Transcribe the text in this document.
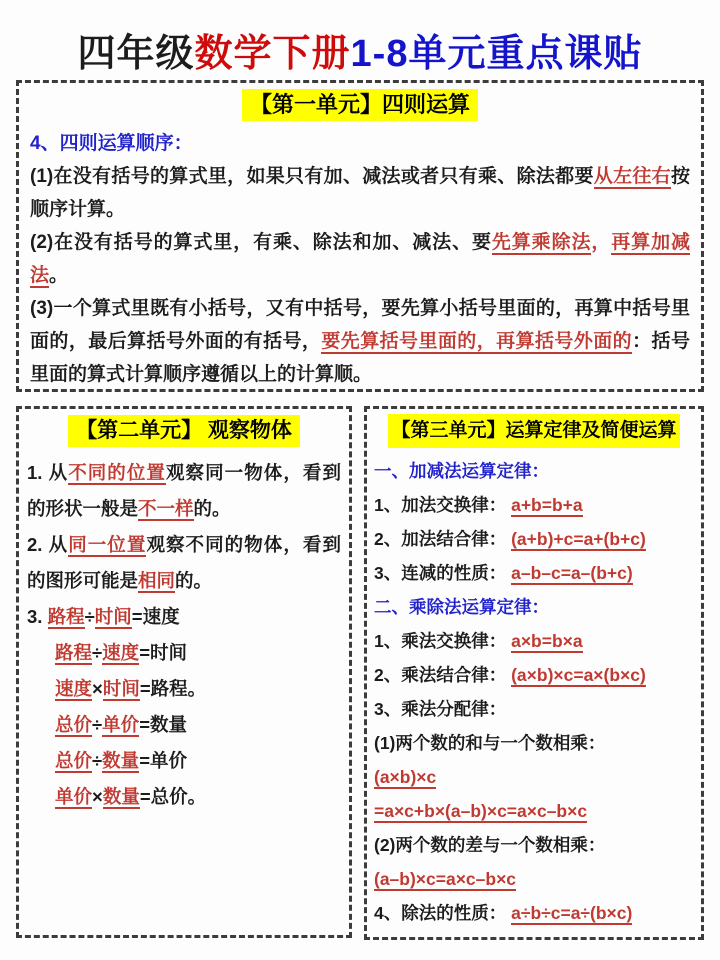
四年级数学下册1-8单元重点课贴

【第一单元】四则运算

4、四则运算顺序：

(1)在没有括号的算式里，如果只有加、减法或者只有乘、除法都要从左往右按顺序计算。

(2)在没有括号的算式里，有乘、除法和加、减法、要先算乘除法，再算加减法。

(3)一个算式里既有小括号，又有中括号，要先算小括号里面的，再算中括号里面的，最后算括号外面的有括号，要先算括号里面的，再算括号外面的：括号里面的算式计算顺序遵循以上的计算顺。

【第二单元】 观察物体

1. 从不同的位置观察同一物体，看到的形状一般是不一样的。

2. 从同一位置观察不同的物体，看到的图形可能是相同的。

3. 路程÷时间=速度

路程÷速度=时间

速度×时间=路程。

总价÷单价=数量

总价÷数量=单价

单价×数量=总价。

【第三单元】运算定律及简便运算

一、加减法运算定律：

1、加法交换律： a+b=b+a

2、加法结合律： (a+b)+c=a+(b+c)

3、连减的性质： a–b–c=a–(b+c)

二、乘除法运算定律：

1、乘法交换律： a×b=b×a

2、乘法结合律： (a×b)×c=a×(b×c)

3、乘法分配律：

(1)两个数的和与一个数相乘：

(a×b)×c

=a×c+b×(a–b)×c=a×c–b×c

(2)两个数的差与一个数相乘：

(a–b)×c=a×c–b×c

4、除法的性质： a÷b÷c=a÷(b×c)
